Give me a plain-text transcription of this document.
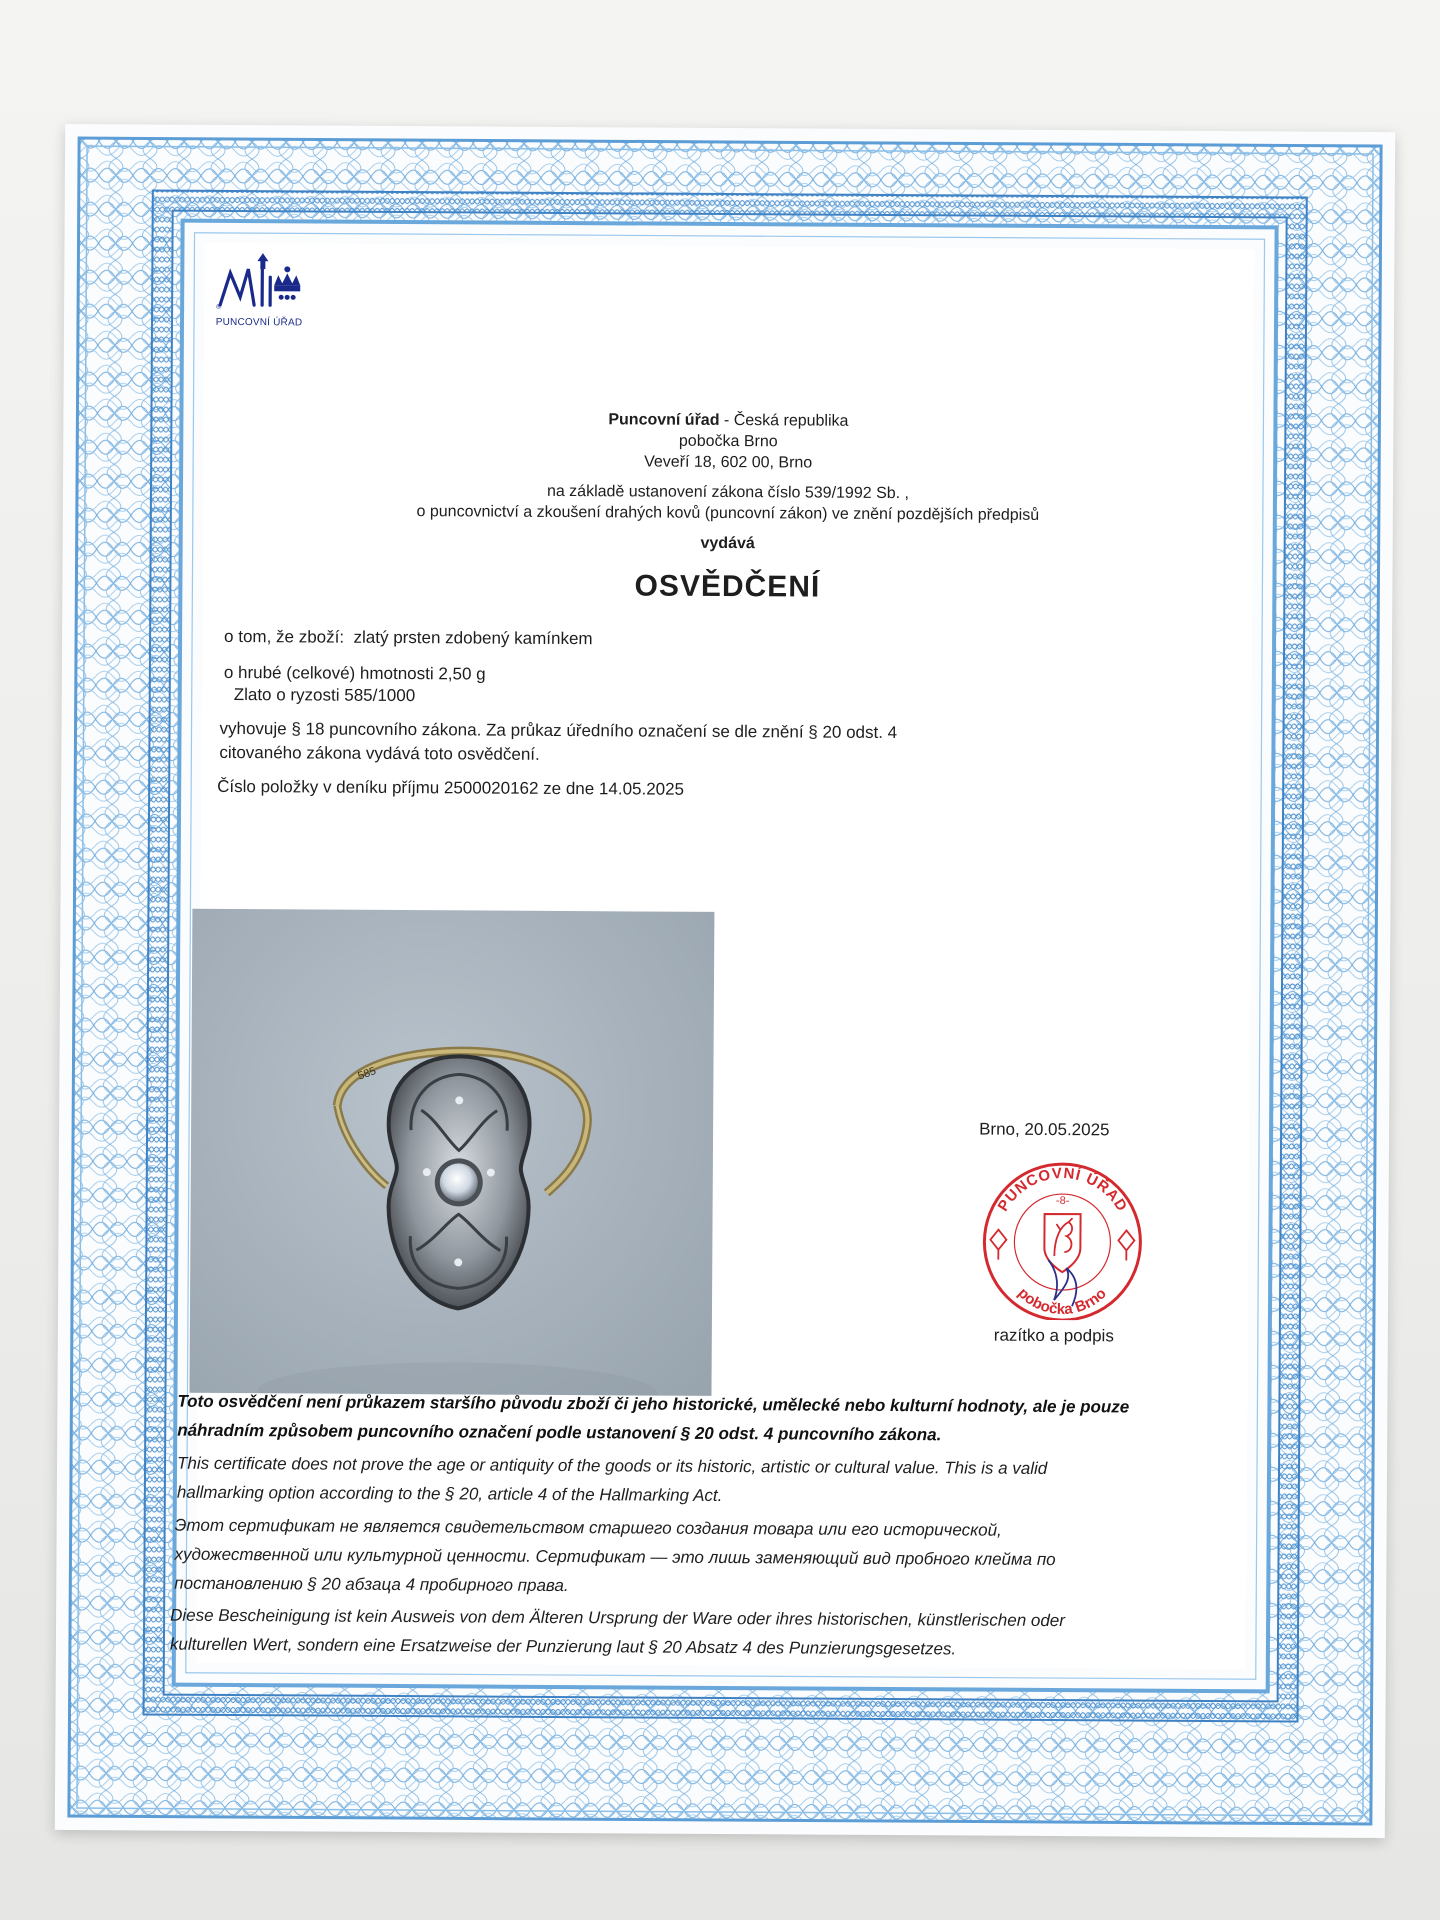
®
PUNCOVNÍ ÚŘAD
Puncovní úřad - Česká republika
pobočka Brno
Veveří 18, 602 00, Brno
na základě ustanovení zákona číslo 539/1992 Sb. ,
o puncovnictví a zkoušení drahých kovů (puncovní zákon) ve znění pozdějších předpisů
vydává
OSVĚDČENÍ
o tom, že zboží: zlatý prsten zdobený kamínkem
o hrubé (celkové) hmotnosti 2,50 g
Zlato o ryzosti 585/1000
vyhovuje § 18 puncovního zákona. Za průkaz úředního označení se dle znění § 20 odst. 4
citovaného zákona vydává toto osvědčení.
Číslo položky v deníku příjmu 2500020162 ze dne 14.05.2025
585
Brno, 20.05.2025
PUNCOVNÍ ÚŘAD
pobočka Brno
-8-
razítko a podpis
Toto osvědčení není průkazem staršího původu zboží či jeho historické, umělecké nebo kulturní hodnoty, ale je pouze náhradním způsobem puncovního označení podle ustanovení § 20 odst. 4 puncovního zákona.
This certificate does not prove the age or antiquity of the goods or its historic, artistic or cultural value. This is a valid hallmarking option according to the § 20, article 4 of the Hallmarking Act.
Этот сертификат не является свидетельством старшего создания товара или его исторической, художественной или культурной ценности. Сертификат — это лишь заменяющий вид пробного клейма по постановлению § 20 абзаца 4 пробирного права.
Diese Bescheinigung ist kein Ausweis von dem Älteren Ursprung der Ware oder ihres historischen, künstlerischen oder kulturellen Wert, sondern eine Ersatzweise der Punzierung laut § 20 Absatz 4 des Punzierungsgesetzes.
